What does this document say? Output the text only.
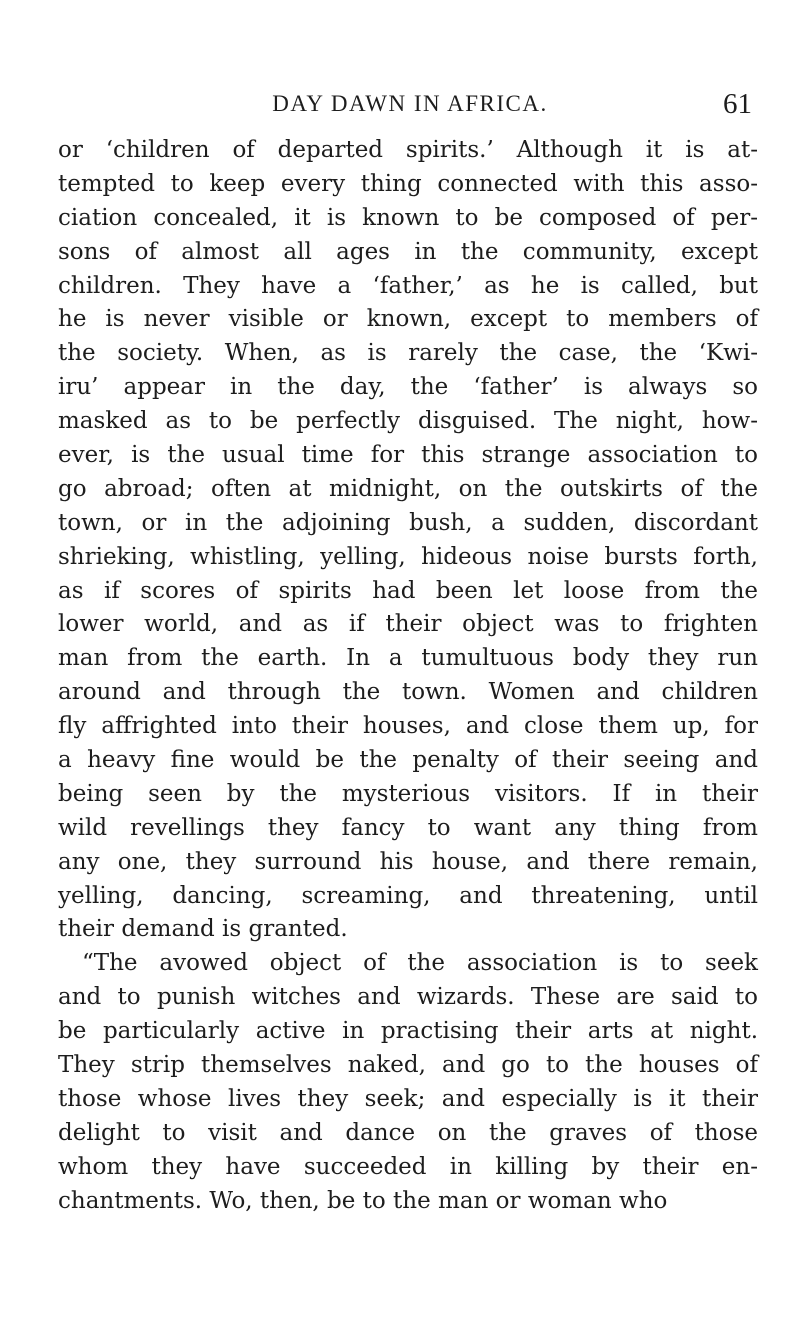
DAY DAWN IN AFRICA.	61
or ‘children of departed spirits.’ Although it is at-
tempted to keep every thing connected with this asso-
ciation concealed, it is known to be composed of per-
sons of almost all ages in the community, except
children. They have a ‘father,’ as he is called, but
he is never visible or known, except to members of
the society. When, as is rarely the case, the ‘Kwi-
iru’ appear in the day, the ‘father’ is always so
masked as to be perfectly disguised. The night, how-
ever, is the usual time for this strange association to
go abroad; often at midnight, on the outskirts of the
town, or in the adjoining bush, a sudden, discordant
shrieking, whistling, yelling, hideous noise bursts forth,
as if scores of spirits had been let loose from the
lower world, and as if their object was to frighten
man from the earth. In a tumultuous body they run
around and through the town. Women and children
fly affrighted into their houses, and close them up, for
a heavy fine would be the penalty of their seeing and
being seen by the mysterious visitors. If in their
wild revellings they fancy to want any thing from
any one, they surround his house, and there remain,
yelling, dancing, screaming, and threatening, until
their demand is granted.
“The avowed object of the association is to seek
and to punish witches and wizards. These are said to
be particularly active in practising their arts at night.
They strip themselves naked, and go to the houses of
those whose lives they seek; and especially is it their
delight to visit and dance on the graves of those
whom they have succeeded in killing by their en-
chantments. Wo, then, be to the man or woman who
